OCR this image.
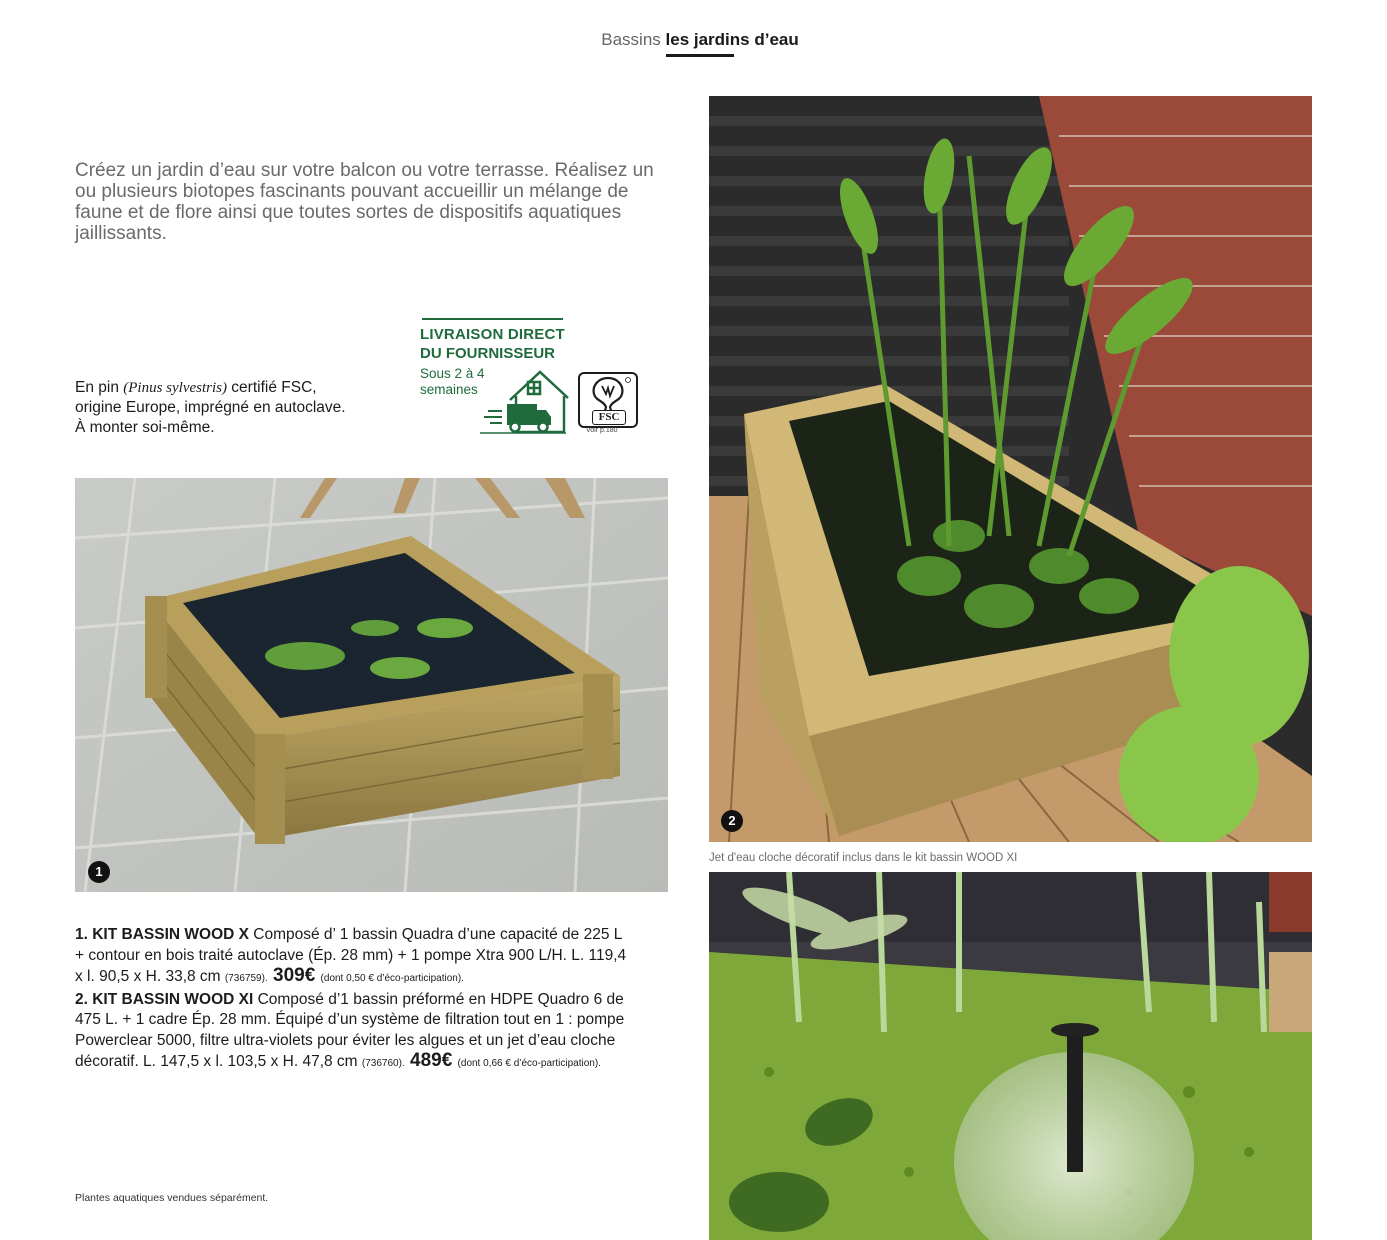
Bassins les jardins d’eau
Créez un jardin d’eau sur votre balcon ou votre terrasse. Réalisez un ou plusieurs biotopes fascinants pouvant accueillir un mélange de faune et de flore ainsi que toutes sortes de dispositifs aquatiques jaillissants.
En pin (Pinus sylvestris) certifié FSC,
origine Europe, imprégné en autoclave.
À monter soi-même.
LIVRAISON DIRECT
DU FOURNISSEUR
Sous 2 à 4
semaines
FSC
Voir p.180
1
2
Jet d'eau cloche décoratif inclus dans le kit bassin WOOD XI
1. KIT BASSIN WOOD X Composé d’ 1 bassin Quadra d’une capacité de 225 L + contour en bois traité autoclave (Ép. 28 mm) + 1 pompe Xtra 900 L/H. L. 119,4 x l. 90,5 x H. 33,8 cm (736759). 309€ (dont 0,50 € d’éco-participation).
2. KIT BASSIN WOOD XI Composé d’1 bassin préformé en HDPE Quadro 6 de 475 L. + 1 cadre Ép. 28 mm. Équipé d’un système de filtration tout en 1 : pompe Powerclear 5000, filtre ultra-violets pour éviter les algues et un jet d’eau cloche décoratif. L. 147,5 x l. 103,5 x H. 47,8 cm (736760). 489€ (dont 0,66 € d’éco-participation).
Plantes aquatiques vendues séparément.
